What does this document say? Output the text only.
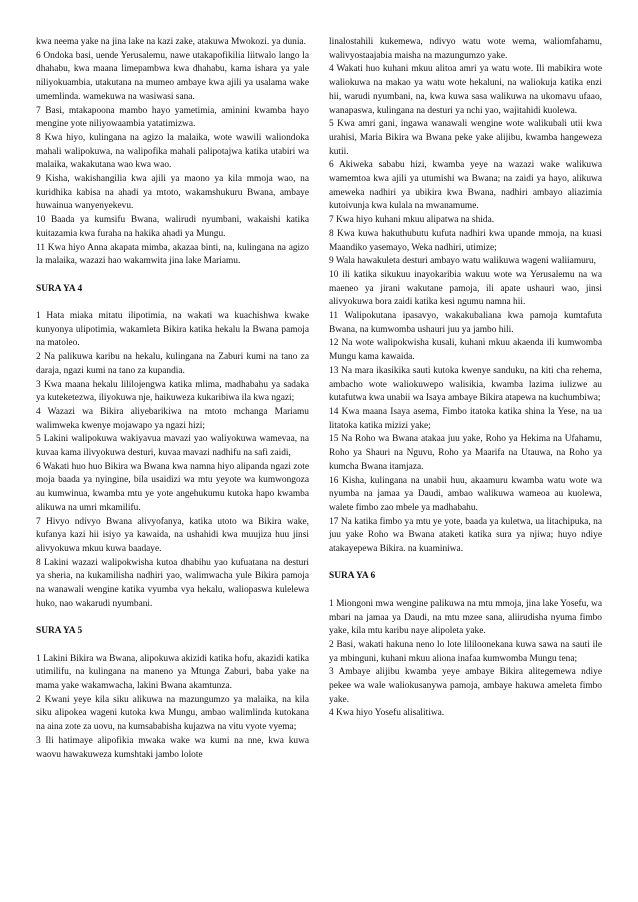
kwa neema yake na jina lake na kazi zake, atakuwa Mwokozi. ya dunia.

6 Ondoka basi, uende Yerusalemu, nawe utakapofikilia liitwalo lango la dhahabu, kwa maana limepambwa kwa dhahabu, kama ishara ya yale niliyokuambia, utakutana na mumeo ambaye kwa ajili ya usalama wake umemlinda. wamekuwa na wasiwasi sana.

7 Basi, mtakapoona mambo hayo yametimia, aminini kwamba hayo mengine yote niliyowaambia yatatimizwa.

8 Kwa hiyo, kulingana na agizo la malaika, wote wawili waliondoka mahali walipokuwa, na walipofika mahali palipotajwa katika utabiri wa malaika, wakakutana wao kwa wao.

9 Kisha, wakishangilia kwa ajili ya maono ya kila mmoja wao, na kuridhika kabisa na ahadi ya mtoto, wakamshukuru Bwana, ambaye huwainua wanyenyekevu.

10 Baada ya kumsifu Bwana, walirudi nyumbani, wakaishi katika kuitazamia kwa furaha na hakika ahadi ya Mungu.

11 Kwa hiyo Anna akapata mimba, akazaa binti, na, kulingana na agizo la malaika, wazazi hao wakamwita jina lake Mariamu.

SURA YA 4

1 Hata miaka mitatu ilipotimia, na wakati wa kuachishwa kwake kunyonya ulipotimia, wakamleta Bikira katika hekalu la Bwana pamoja na matoleo.

2 Na palikuwa karibu na hekalu, kulingana na Zaburi kumi na tano za daraja, ngazi kumi na tano za kupandia.

3 Kwa maana hekalu lililojengwa katika mlima, madhabahu ya sadaka ya kuteketezwa, iliyokuwa nje, haikuweza kukaribiwa ila kwa ngazi;

4 Wazazi wa Bikira aliyebarikiwa na mtoto mchanga Mariamu walimweka kwenye mojawapo ya ngazi hizi;

5 Lakini walipokuwa wakiyavua mavazi yao waliyokuwa wamevaa, na kuvaa kama ilivyokuwa desturi, kuvaa mavazi nadhifu na safi zaidi,

6 Wakati huo huo Bikira wa Bwana kwa namna hiyo alipanda ngazi zote moja baada ya nyingine, bila usaidizi wa mtu yeyote wa kumwongoza au kumwinua, kwamba mtu ye yote angehukumu kutoka hapo kwamba alikuwa na umri mkamilifu.

7 Hivyo ndivyo Bwana alivyofanya, katika utoto wa Bikira wake, kufanya kazi hii isiyo ya kawaida, na ushahidi kwa muujiza huu jinsi alivyokuwa mkuu kuwa baadaye.

8 Lakini wazazi walipokwisha kutoa dhabihu yao kufuatana na desturi ya sheria, na kukamilisha nadhiri yao, walimwacha yule Bikira pamoja na wanawali wengine katika vyumba vya hekalu, waliopaswa kulelewa huko, nao wakarudi nyumbani.

SURA YA 5

1 Lakini Bikira wa Bwana, alipokuwa akizidi katika hofu, akazidi katika utimilifu, na kulingana na maneno ya Mtunga Zaburi, baba yake na mama yake wakamwacha, lakini Bwana akamtunza.

2 Kwani yeye kila siku alikuwa na mazungumzo ya malaika, na kila siku alipokea wageni kutoka kwa Mungu, ambao walimlinda kutokana na aina zote za uovu, na kumsababisha kujazwa na vitu vyote vyema;

3 Ili hatimaye alipofikia mwaka wake wa kumi na nne, kwa kuwa waovu hawakuweza kumshtaki jambo lolote

linalostahili kukemewa, ndivyo watu wote wema, waliomfahamu, walivyostaajabia maisha na mazungumzo yake.

4 Wakati huo kuhani mkuu alitoa amri ya watu wote. Ili mabikira wote waliokuwa na makao ya watu wote hekaluni, na waliokuja katika enzi hii, warudi nyumbani, na, kwa kuwa sasa walikuwa na ukomavu ufaao, wanapaswa, kulingana na desturi ya nchi yao, wajitahidi kuolewa.

5 Kwa amri gani, ingawa wanawali wengine wote walikubali utii kwa urahisi, Maria Bikira wa Bwana peke yake alijibu, kwamba hangeweza kutii.

6 Akiweka sababu hizi, kwamba yeye na wazazi wake walikuwa wamemtoa kwa ajili ya utumishi wa Bwana; na zaidi ya hayo, alikuwa ameweka nadhiri ya ubikira kwa Bwana, nadhiri ambayo aliazimia kutoivunja kwa kulala na mwanamume.

7 Kwa hiyo kuhani mkuu alipatwa na shida.

8 Kwa kuwa hakuthubutu kufuta nadhiri kwa upande mmoja, na kuasi Maandiko yasemayo, Weka nadhiri, utimize;

9 Wala hawakuleta desturi ambayo watu walikuwa wageni waliiamuru,

10 ili katika sikukuu inayokaribia wakuu wote wa Yerusalemu na wa maeneo ya jirani wakutane pamoja, ili apate ushauri wao, jinsi alivyokuwa bora zaidi katika kesi ngumu namna hii.

11 Walipokutana ipasavyo, wakakubaliana kwa pamoja kumtafuta Bwana, na kumwomba ushauri juu ya jambo hili.

12 Na wote walipokwisha kusali, kuhani mkuu akaenda ili kumwomba Mungu kama kawaida.

13 Na mara ikasikika sauti kutoka kwenye sanduku, na kiti cha rehema, ambacho wote waliokuwepo walisikia, kwamba lazima iulizwe au kutafutwa kwa unabii wa Isaya ambaye Bikira atapewa na kuchumbiwa;

14 Kwa maana Isaya asema, Fimbo itatoka katika shina la Yese, na ua litatoka katika mizizi yake;

15 Na Roho wa Bwana atakaa juu yake, Roho ya Hekima na Ufahamu, Roho ya Shauri na Nguvu, Roho ya Maarifa na Utauwa, na Roho ya kumcha Bwana itamjaza.

16 Kisha, kulingana na unabii huu, akaamuru kwamba watu wote wa nyumba na jamaa ya Daudi, ambao walikuwa wameoa au kuolewa, walete fimbo zao mbele ya madhabahu.

17 Na katika fimbo ya mtu ye yote, baada ya kuletwa, ua litachipuka, na juu yake Roho wa Bwana ataketi katika sura ya njiwa; huyo ndiye atakayepewa Bikira. na kuaminiwa.

SURA YA 6

1 Miongoni mwa wengine palikuwa na mtu mmoja, jina lake Yosefu, wa mbari na jamaa ya Daudi, na mtu mzee sana, aliirudisha nyuma fimbo yake, kila mtu karibu naye alipoleta yake.

2 Basi, wakati hakuna neno lo lote lililoonekana kuwa sawa na sauti ile ya mbinguni, kuhani mkuu aliona inafaa kumwomba Mungu tena;

3 Ambaye alijibu kwamba yeye ambaye Bikira alitegemewa ndiye pekee wa wale waliokusanywa pamoja, ambaye hakuwa ameleta fimbo yake.

4 Kwa hiyo Yosefu alisalitiwa.
